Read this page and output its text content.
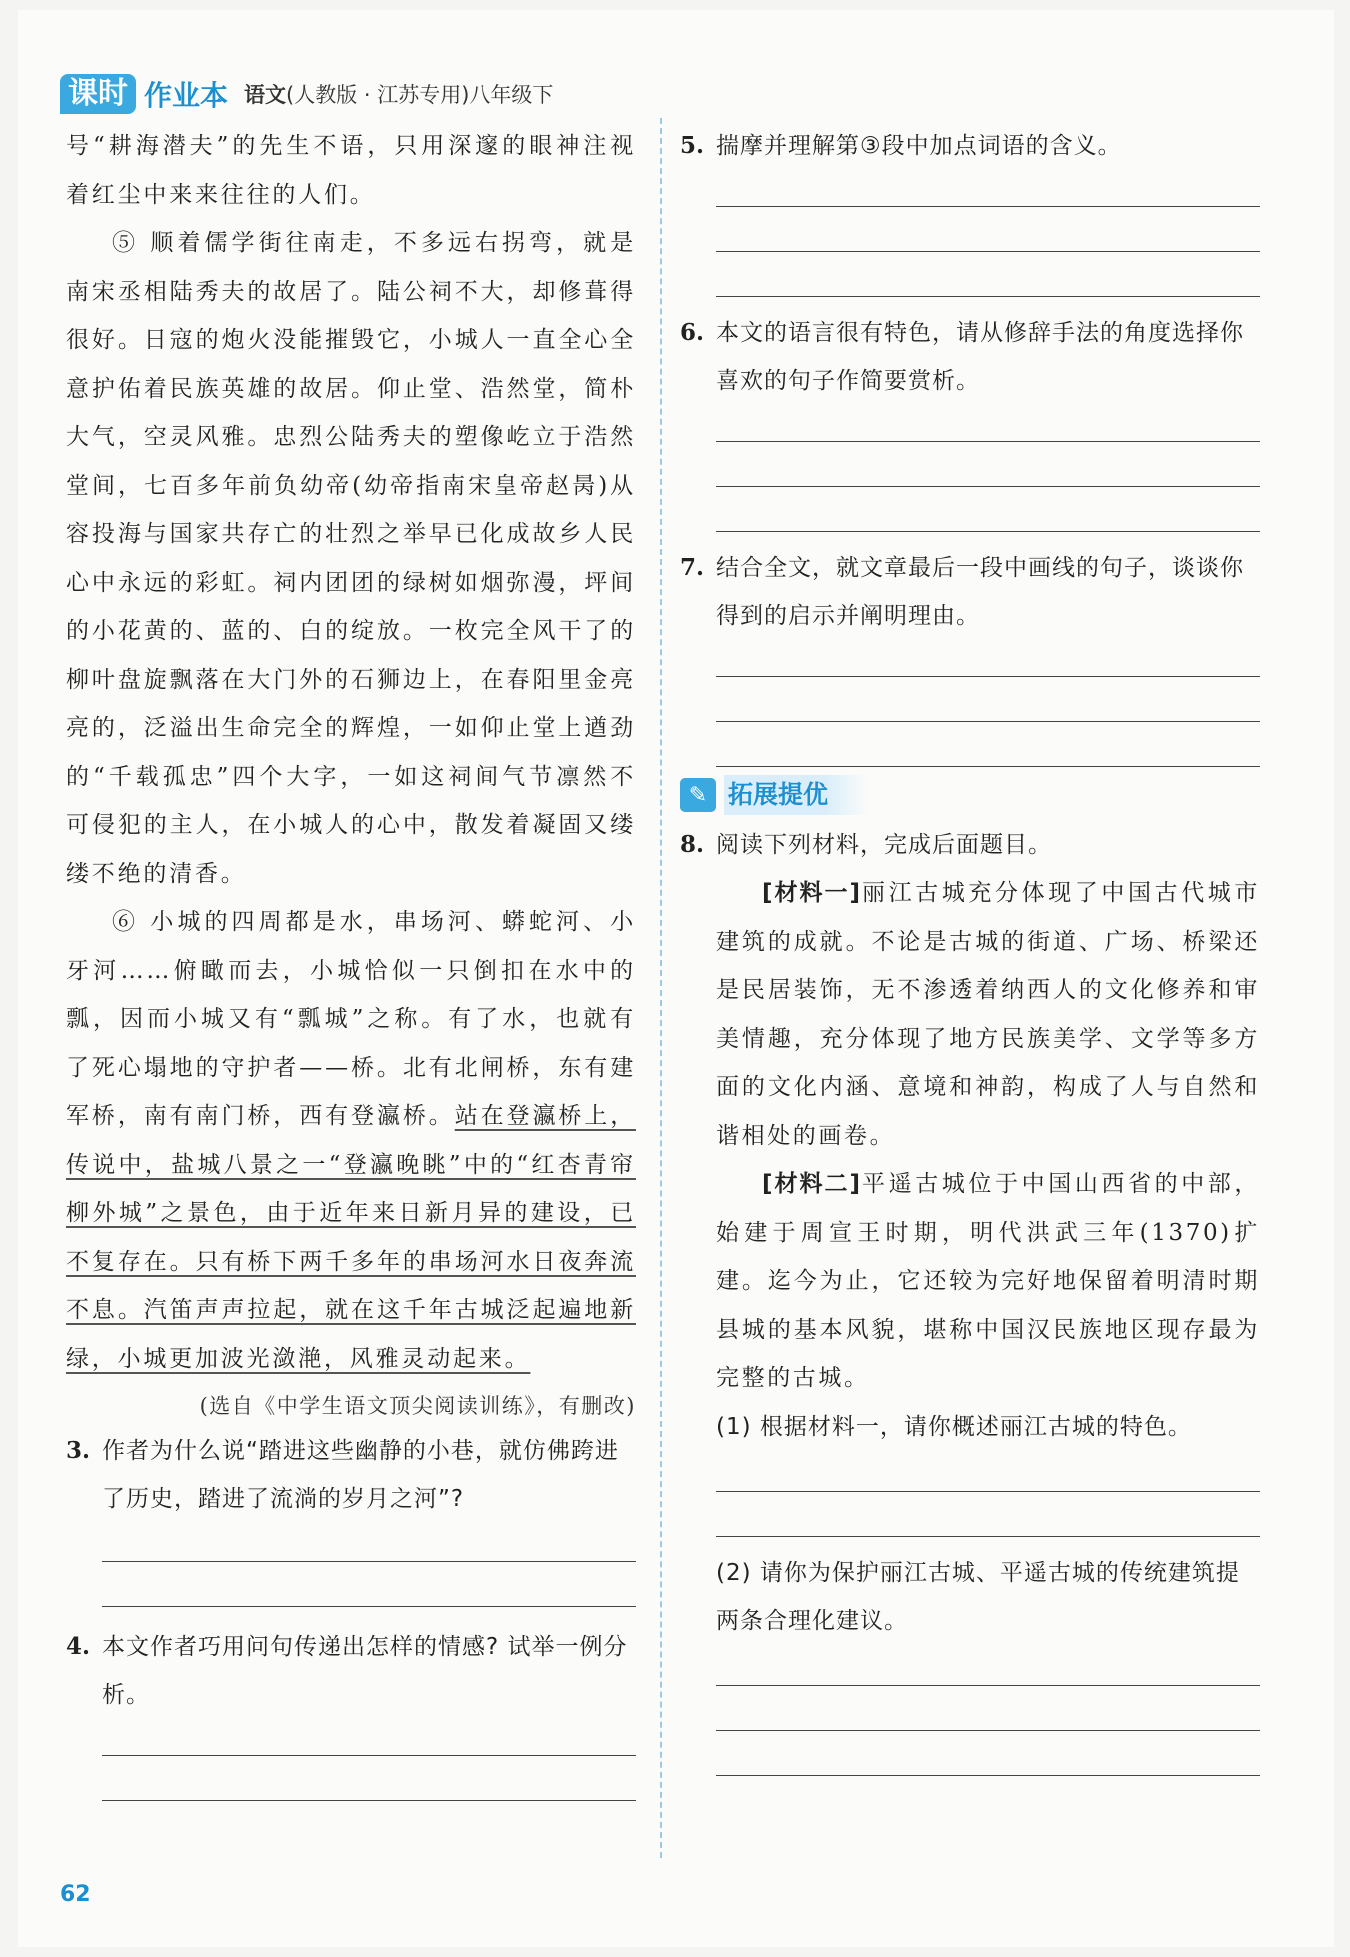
课时 作业本 语文(人教版 · 江苏专用)八年级下

号“耕海潜夫”的先生不语，只用深邃的眼神注视着红尘中来来往往的人们。

⑤ 顺着儒学街往南走，不多远右拐弯，就是南宋丞相陆秀夫的故居了。陆公祠不大，却修葺得很好。日寇的炮火没能摧毁它，小城人一直全心全意护佑着民族英雄的故居。仰止堂、浩然堂，简朴大气，空灵风雅。忠烈公陆秀夫的塑像屹立于浩然堂间，七百多年前负幼帝(幼帝指南宋皇帝赵昺)从容投海与国家共存亡的壮烈之举早已化成故乡人民心中永远的彩虹。祠内团团的绿树如烟弥漫，坪间的小花黄的、蓝的、白的绽放。一枚完全风干了的柳叶盘旋飘落在大门外的石狮边上，在春阳里金亮亮的，泛溢出生命完全的辉煌，一如仰止堂上遒劲的“千载孤忠”四个大字，一如这祠间气节凛然不可侵犯的主人，在小城人的心中，散发着凝固又缕缕不绝的清香。

⑥ 小城的四周都是水，串场河、蟒蛇河、小牙河……俯瞰而去，小城恰似一只倒扣在水中的瓢，因而小城又有“瓢城”之称。有了水，也就有了死心塌地的守护者——桥。北有北闸桥，东有建军桥，南有南门桥，西有登瀛桥。站在登瀛桥上，传说中，盐城八景之一“登瀛晚眺”中的“红杏青帘柳外城”之景色，由于近年来日新月异的建设，已不复存在。只有桥下两千多年的串场河水日夜奔流不息。汽笛声声拉起，就在这千年古城泛起遍地新绿，小城更加波光潋滟，风雅灵动起来。

(选自《中学生语文顶尖阅读训练》，有删改)
3. 作者为什么说“踏进这些幽静的小巷，就仿佛跨进了历史，踏进了流淌的岁月之河”?
4. 本文作者巧用问句传递出怎样的情感? 试举一例分析。
5. 揣摩并理解第③段中加点词语的含义。
6. 本文的语言很有特色，请从修辞手法的角度选择你喜欢的句子作简要赏析。
7. 结合全文，就文章最后一段中画线的句子，谈谈你得到的启示并阐明理由。
✎ 拓展提优
8. 阅读下列材料，完成后面题目。

[材料一]丽江古城充分体现了中国古代城市建筑的成就。不论是古城的街道、广场、桥梁还是民居装饰，无不渗透着纳西人的文化修养和审美情趣，充分体现了地方民族美学、文学等多方面的文化内涵、意境和神韵，构成了人与自然和谐相处的画卷。

[材料二]平遥古城位于中国山西省的中部，始建于周宣王时期，明代洪武三年(1370)扩建。迄今为止，它还较为完好地保留着明清时期县城的基本风貌，堪称中国汉民族地区现存最为完整的古城。

(1) 根据材料一，请你概述丽江古城的特色。
(2) 请你为保护丽江古城、平遥古城的传统建筑提两条合理化建议。
62
